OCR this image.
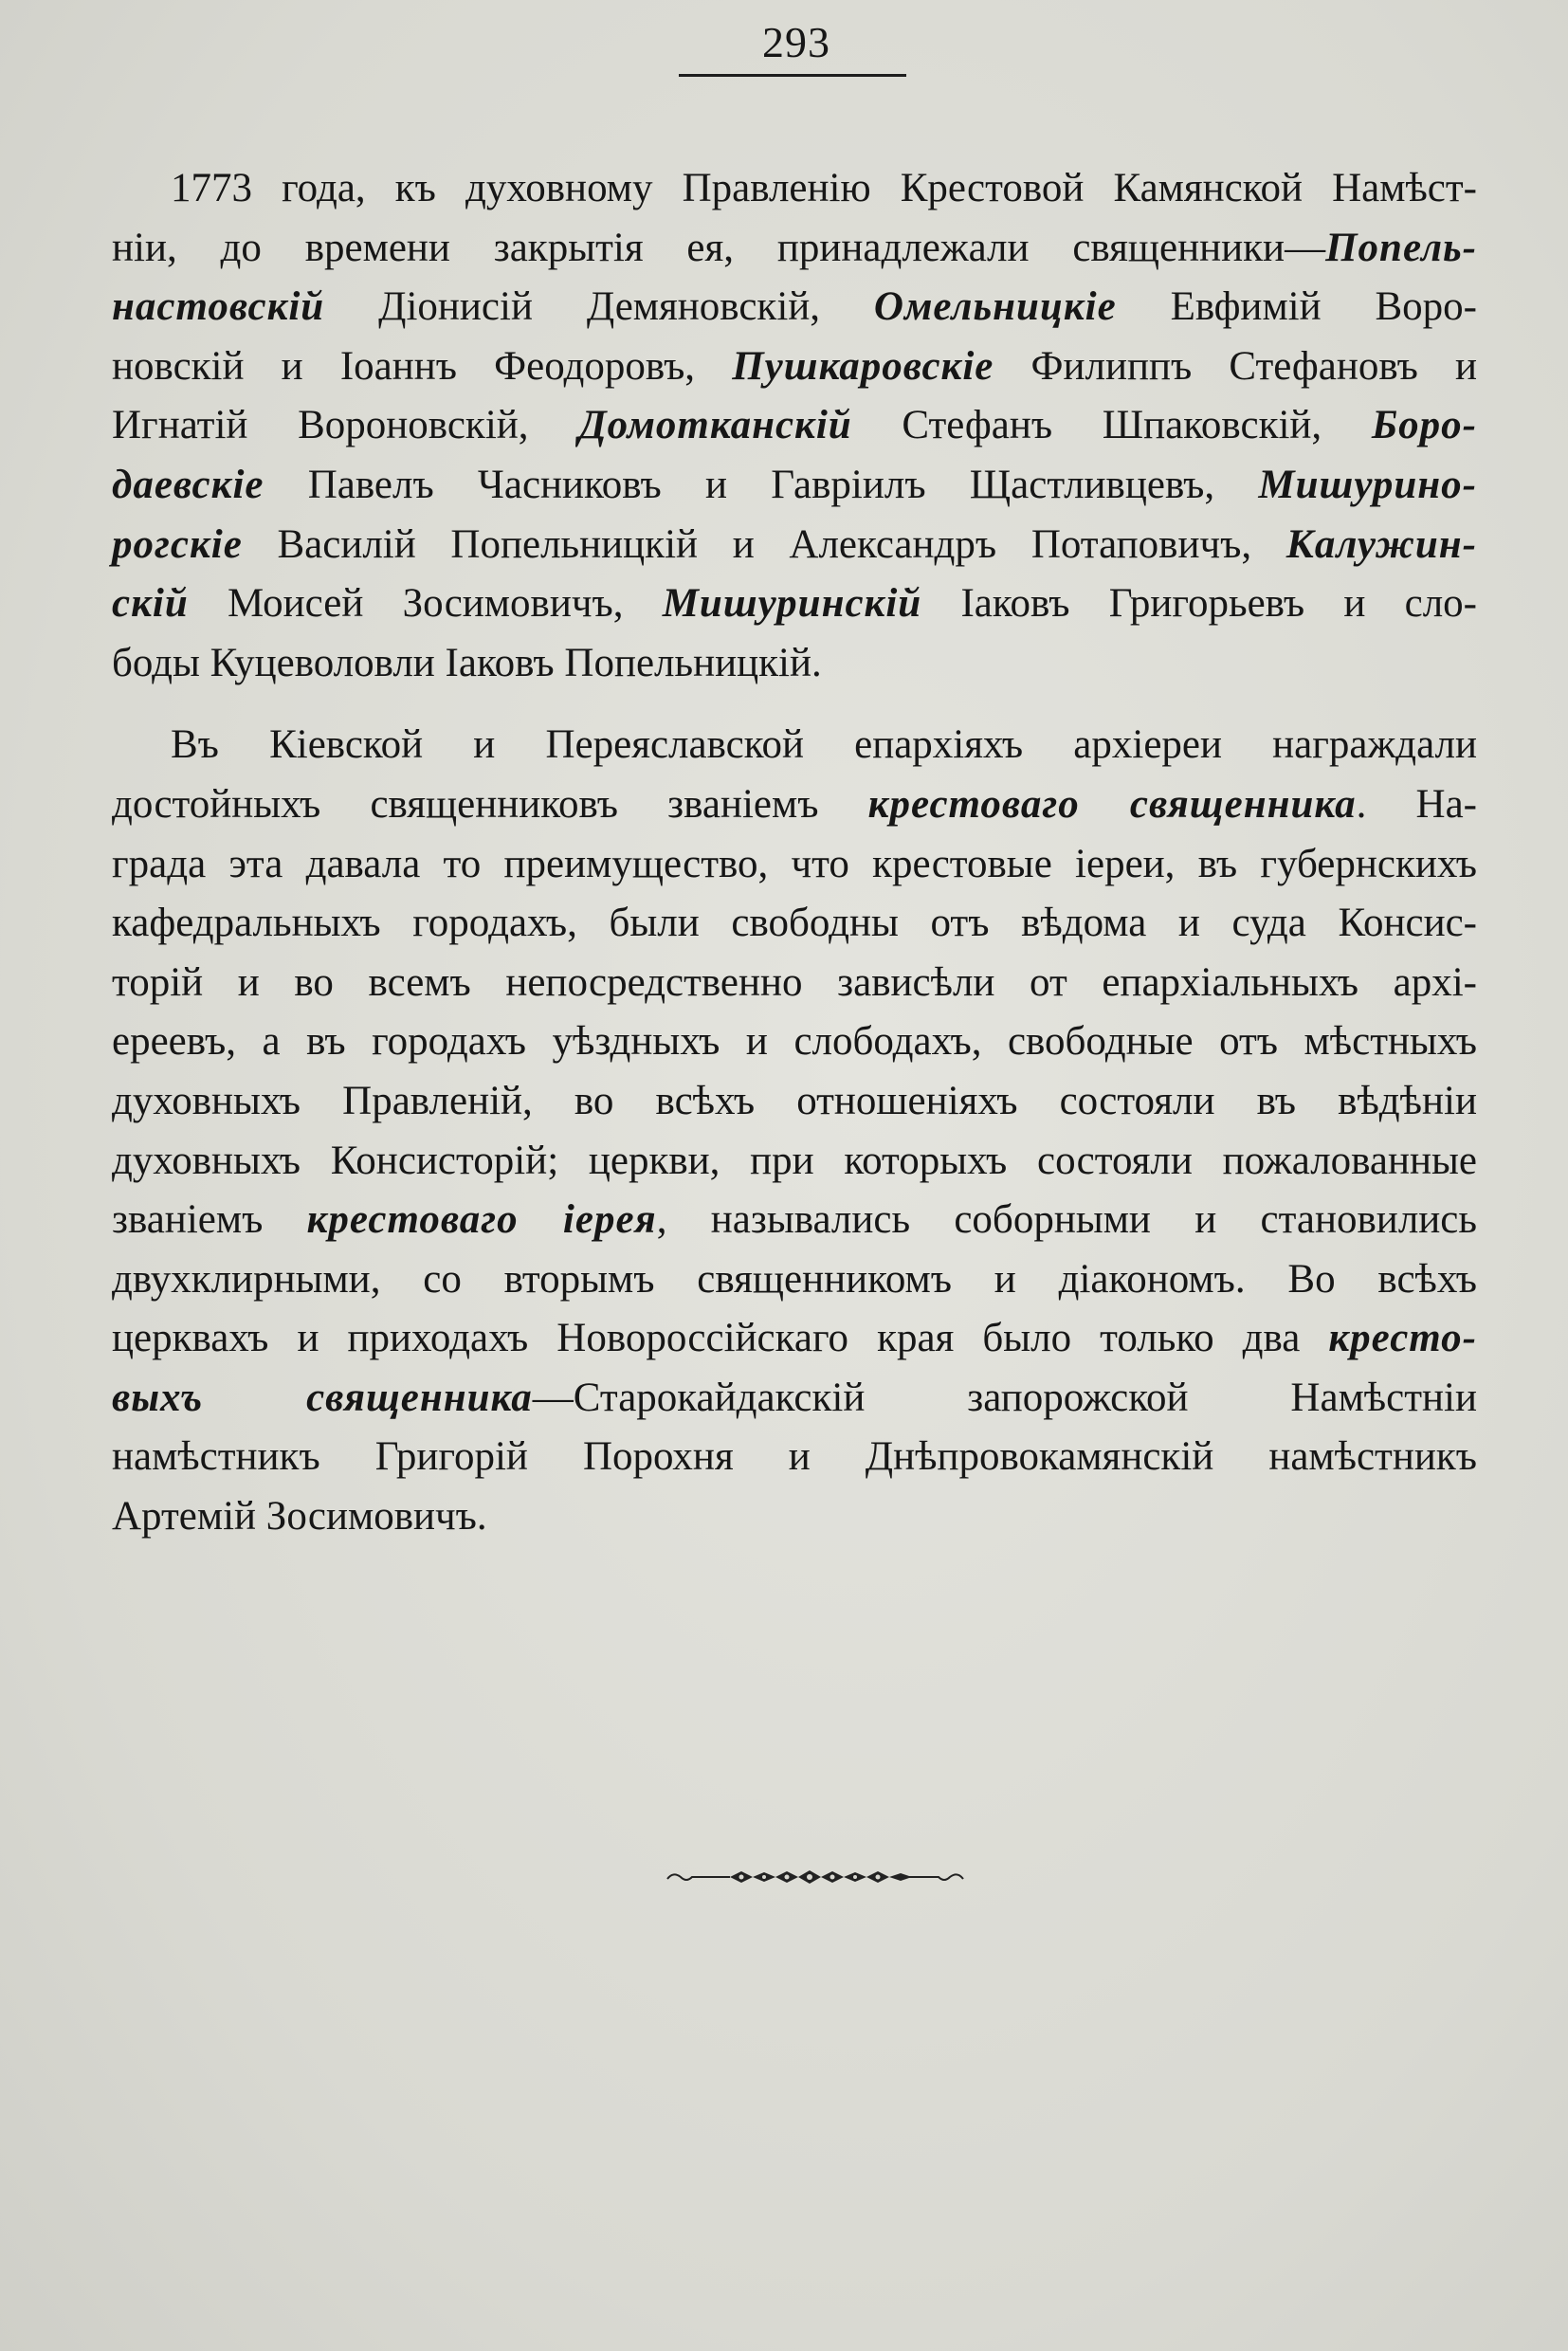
293
1773 года, къ духовному Правленію Крестовой Камянской Намѣст-
ніи, до времени закрытія ея, принадлежали священники—Попель-
настовскій Діонисій Демяновскій, Омельницкіе Евфимій Воро-
новскій и Іоаннъ Феодоровъ, Пушкаровскіе Филиппъ Стефановъ и
Игнатій Вороновскій, Домотканскій Стефанъ Шпаковскій, Боро-
даевскіе Павелъ Часниковъ и Гавріилъ Щастливцевъ, Мишурино-
рогскіе Василій Попельницкій и Александръ Потаповичъ, Калужин-
скій Моисей Зосимовичъ, Мишуринскій Іаковъ Григорьевъ и сло-
боды Куцеволовли Іаковъ Попельницкій.
Въ Кіевской и Переяславской епархіяхъ архіереи награждали
достойныхъ священниковъ званіемъ крестоваго священника. На-
града эта давала то преимущество, что крестовые іереи, въ губернскихъ
кафедральныхъ городахъ, были свободны отъ вѣдома и суда Консис-
торій и во всемъ непосредственно зависѣли от епархіальныхъ архі-
ереевъ, а въ городахъ уѣздныхъ и слободахъ, свободные отъ мѣстныхъ
духовныхъ Правленій, во всѣхъ отношеніяхъ состояли въ вѣдѣніи
духовныхъ Консисторій; церкви, при которыхъ состояли пожалованные
званіемъ крестоваго іерея, назывались соборными и становились
двухклирными, со вторымъ священникомъ и діакономъ. Во всѣхъ
церквахъ и приходахъ Новороссійскаго края было только два кресто-
выхъ священника—Старокайдакскій запорожской Намѣстніи
намѣстникъ Григорій Порохня и Днѣпровокамянскій намѣстникъ
Артемій Зосимовичъ.
